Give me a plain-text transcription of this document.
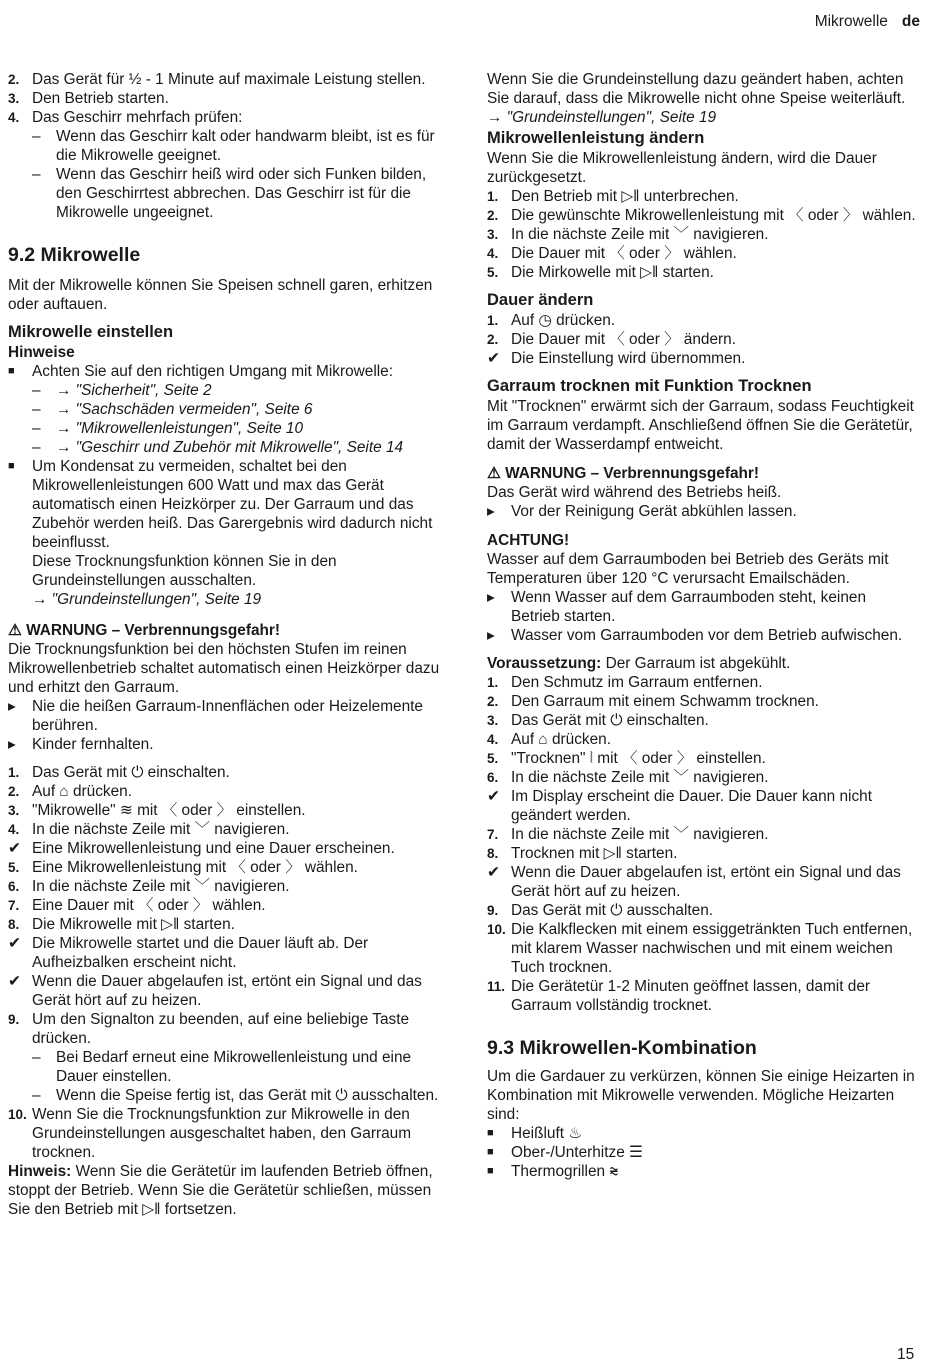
Mikrowelle de
2. Das Gerät für ½ - 1 Minute auf maximale Leistung stellen.
3. Den Betrieb starten.
4. Das Geschirr mehrfach prüfen:
–	Wenn das Geschirr kalt oder handwarm bleibt, ist es für die Mikrowelle geeignet.
–	Wenn das Geschirr heiß wird oder sich Funken bilden, den Geschirrtest abbrechen. Das Geschirr ist für die Mikrowelle ungeeignet.

9.2 Mikrowelle

Mit der Mikrowelle können Sie Speisen schnell garen, erhitzen oder auftauen.

Mikrowelle einstellen

Hinweise

■	Achten Sie auf den richtigen Umgang mit Mikrowelle:
–	→ "Sicherheit", Seite 2
–	→ "Sachschäden vermeiden", Seite 6
–	→ "Mikrowellenleistungen", Seite 10
–	→ "Geschirr und Zubehör mit Mikrowelle", Seite 14
■	Um Kondensat zu vermeiden, schaltet bei den Mikrowellenleistungen 600 Watt und max das Gerät automatisch einen Heizkörper zu. Der Garraum und das Zubehör werden heiß. Das Garergebnis wird dadurch nicht beeinflusst.

Diese Trocknungsfunktion können Sie in den Grundeinstellungen ausschalten.

→ "Grundeinstellungen", Seite 19

⚠ WARNUNG – Verbrennungsgefahr!

Die Trocknungsfunktion bei den höchsten Stufen im reinen Mikrowellenbetrieb schaltet automatisch einen Heizkörper dazu und erhitzt den Garraum.

▸	Nie die heißen Garraum-Innenflächen oder Heizelemente berühren.
▸	Kinder fernhalten.
1. Das Gerät mit ⏻ einschalten.
2. Auf ⌂ drücken.
3. "Mikrowelle" ≋ mit 〈 oder 〉 einstellen.
4. In die nächste Zeile mit ﹀ navigieren.
✔ Eine Mikrowellenleistung und eine Dauer erscheinen.
5. Eine Mikrowellenleistung mit 〈 oder 〉 wählen.
6. In die nächste Zeile mit ﹀ navigieren.
7. Eine Dauer mit 〈 oder 〉 wählen.
8. Die Mikrowelle mit ▷‖ starten.
✔ Die Mikrowelle startet und die Dauer läuft ab. Der Aufheizbalken erscheint nicht.
✔ Wenn die Dauer abgelaufen ist, ertönt ein Signal und das Gerät hört auf zu heizen.
9. Um den Signalton zu beenden, auf eine beliebige Taste drücken.
–	Bei Bedarf erneut eine Mikrowellenleistung und eine Dauer einstellen.
–	Wenn die Speise fertig ist, das Gerät mit ⏻ ausschalten.
10. Wenn Sie die Trocknungsfunktion zur Mikrowelle in den Grundeinstellungen ausgeschaltet haben, den Garraum trocknen.

Hinweis: Wenn Sie die Gerätetür im laufenden Betrieb öffnen, stoppt der Betrieb. Wenn Sie die Gerätetür schließen, müssen Sie den Betrieb mit ▷‖ fortsetzen.

Wenn Sie die Grundeinstellung dazu geändert haben, achten Sie darauf, dass die Mikrowelle nicht ohne Speise weiterläuft.

→ "Grundeinstellungen", Seite 19

Mikrowellenleistung ändern

Wenn Sie die Mikrowellenleistung ändern, wird die Dauer zurückgesetzt.

1. Den Betrieb mit ▷‖ unterbrechen.
2. Die gewünschte Mikrowellenleistung mit 〈 oder 〉 wählen.
3. In die nächste Zeile mit ﹀ navigieren.
4. Die Dauer mit 〈 oder 〉 wählen.
5. Die Mirkowelle mit ▷‖ starten.

Dauer ändern

1. Auf ◷ drücken.
2. Die Dauer mit 〈 oder 〉 ändern.
✔ Die Einstellung wird übernommen.

Garraum trocknen mit Funktion Trocknen

Mit "Trocknen" erwärmt sich der Garraum, sodass Feuchtigkeit im Garraum verdampft. Anschließend öffnen Sie die Gerätetür, damit der Wasserdampf entweicht.

⚠ WARNUNG – Verbrennungsgefahr!

Das Gerät wird während des Betriebs heiß.

▸	Vor der Reinigung Gerät abkühlen lassen.

ACHTUNG!

Wasser auf dem Garraumboden bei Betrieb des Geräts mit Temperaturen über 120 °C verursacht Emailschäden.

▸	Wenn Wasser auf dem Garraumboden steht, keinen Betrieb starten.
▸	Wasser vom Garraumboden vor dem Betrieb aufwischen.

Voraussetzung: Der Garraum ist abgekühlt.

1. Den Schmutz im Garraum entfernen.
2. Den Garraum mit einem Schwamm trocknen.
3. Das Gerät mit ⏻ einschalten.
4. Auf ⌂ drücken.
5. "Trocknen" ⦚ mit 〈 oder 〉 einstellen.
6. In die nächste Zeile mit ﹀ navigieren.
✔ Im Display erscheint die Dauer. Die Dauer kann nicht geändert werden.
7. In die nächste Zeile mit ﹀ navigieren.
8. Trocknen mit ▷‖ starten.
✔ Wenn die Dauer abgelaufen ist, ertönt ein Signal und das Gerät hört auf zu heizen.
9. Das Gerät mit ⏻ ausschalten.
10. Die Kalkflecken mit einem essiggetränkten Tuch entfernen, mit klarem Wasser nachwischen und mit einem weichen Tuch trocknen.
11. Die Gerätetür 1-2 Minuten geöffnet lassen, damit der Garraum vollständig trocknet.

9.3 Mikrowellen-Kombination

Um die Gardauer zu verkürzen, können Sie einige Heizarten in Kombination mit Mikrowelle verwenden. Mögliche Heizarten sind:

■	Heißluft ♨
■	Ober-/Unterhitze ☰
■	Thermogrillen ⩬
15
